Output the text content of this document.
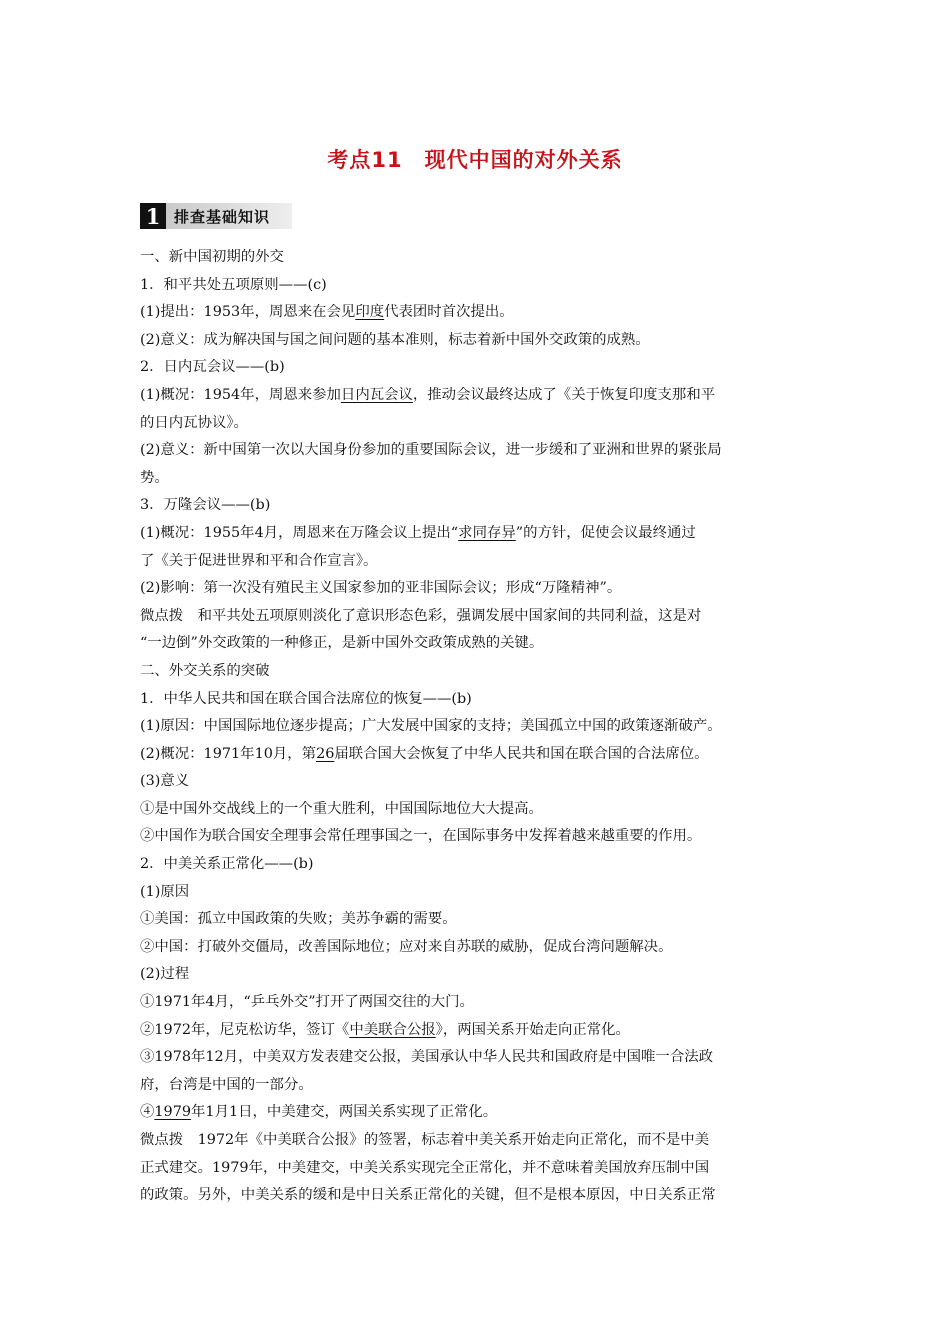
考点11　现代中国的对外关系
1 排查基础知识
一、新中国初期的外交
1．和平共处五项原则——(c)
(1)提出：1953年，周恩来在会见印度代表团时首次提出。
(2)意义：成为解决国与国之间问题的基本准则，标志着新中国外交政策的成熟。
2．日内瓦会议——(b)
(1)概况：1954年，周恩来参加日内瓦会议，推动会议最终达成了《关于恢复印度支那和平
的日内瓦协议》。
(2)意义：新中国第一次以大国身份参加的重要国际会议，进一步缓和了亚洲和世界的紧张局
势。
3．万隆会议——(b)
(1)概况：1955年4月，周恩来在万隆会议上提出“求同存异”的方针，促使会议最终通过
了《关于促进世界和平和合作宣言》。
(2)影响：第一次没有殖民主义国家参加的亚非国际会议；形成“万隆精神”。
微点拨　和平共处五项原则淡化了意识形态色彩，强调发展中国家间的共同利益，这是对
“一边倒”外交政策的一种修正，是新中国外交政策成熟的关键。
二、外交关系的突破
1．中华人民共和国在联合国合法席位的恢复——(b)
(1)原因：中国国际地位逐步提高；广大发展中国家的支持；美国孤立中国的政策逐渐破产。
(2)概况：1971年10月，第26届联合国大会恢复了中华人民共和国在联合国的合法席位。
(3)意义
①是中国外交战线上的一个重大胜利，中国国际地位大大提高。
②中国作为联合国安全理事会常任理事国之一，在国际事务中发挥着越来越重要的作用。
2．中美关系正常化——(b)
(1)原因
①美国：孤立中国政策的失败；美苏争霸的需要。
②中国：打破外交僵局，改善国际地位；应对来自苏联的威胁，促成台湾问题解决。
(2)过程
①1971年4月，“乒乓外交”打开了两国交往的大门。
②1972年，尼克松访华，签订《中美联合公报》，两国关系开始走向正常化。
③1978年12月，中美双方发表建交公报，美国承认中华人民共和国政府是中国唯一合法政
府，台湾是中国的一部分。
④1979年1月1日，中美建交，两国关系实现了正常化。
微点拨　1972年《中美联合公报》的签署，标志着中美关系开始走向正常化，而不是中美
正式建交。1979年，中美建交，中美关系实现完全正常化，并不意味着美国放弃压制中国
的政策。另外，中美关系的缓和是中日关系正常化的关键，但不是根本原因，中日关系正常
